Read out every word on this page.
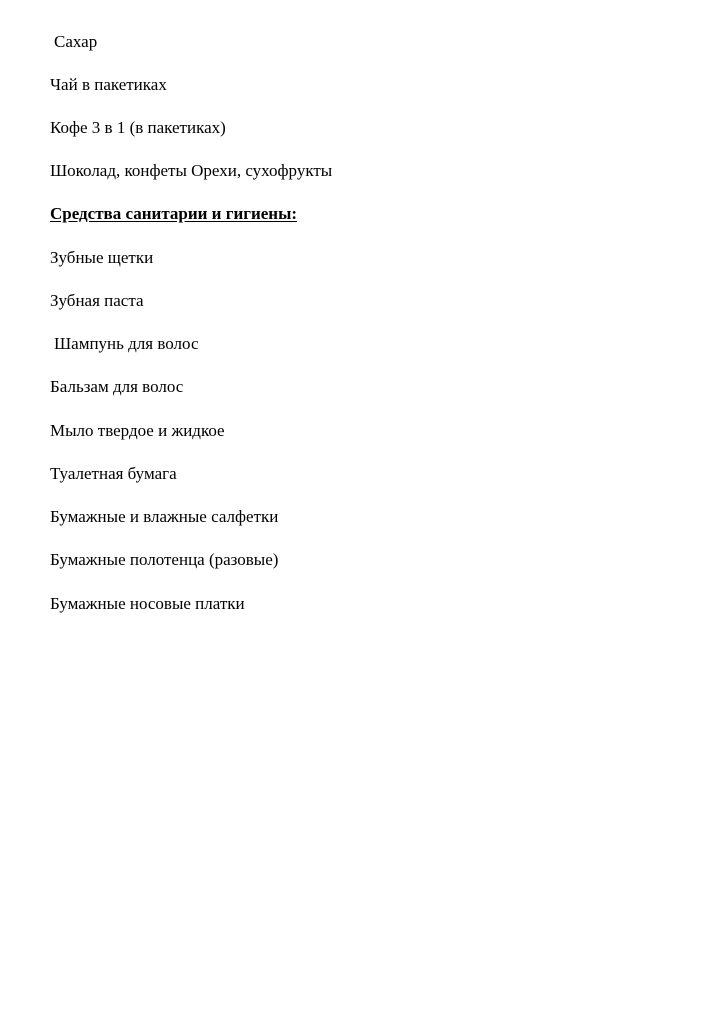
Сахар

Чай в пакетиках

Кофе 3 в 1 (в пакетиках)

Шоколад, конфеты Орехи, сухофрукты

Средства санитарии и гигиены:

Зубные щетки

Зубная паста

Шампунь для волос

Бальзам для волос

Мыло твердое и жидкое

Туалетная бумага

Бумажные и влажные салфетки

Бумажные полотенца (разовые)

Бумажные носовые платки
